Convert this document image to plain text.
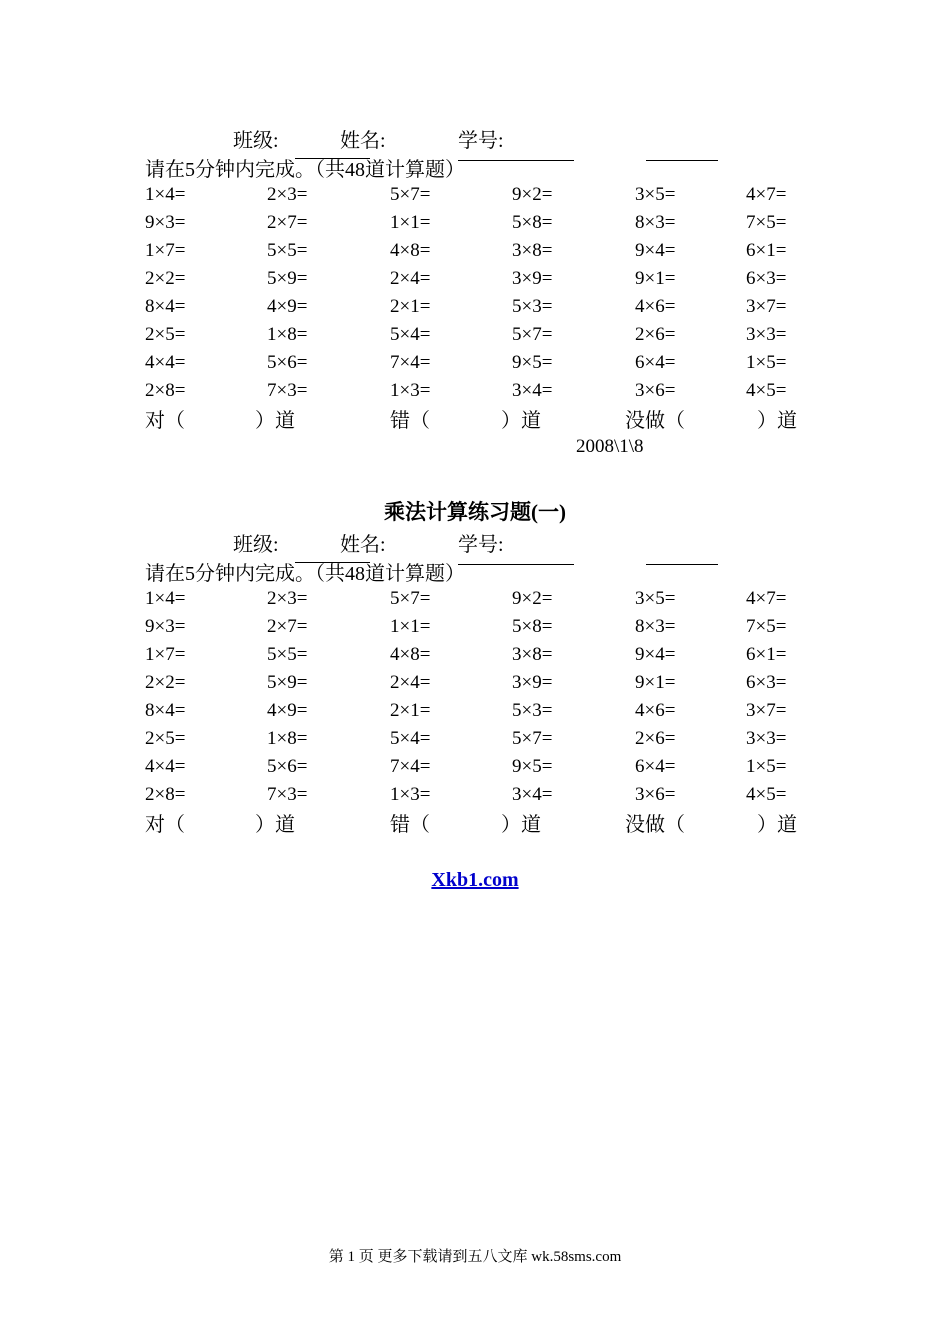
班级:	姓名:	学号:
请在5分钟内完成。（共48道计算题）
1×4=	2×3=	5×7=	9×2=	3×5=	4×7=
9×3=	2×7=	1×1=	5×8=	8×3=	7×5=
1×7=	5×5=	4×8=	3×8=	9×4=	6×1=
2×2=	5×9=	2×4=	3×9=	9×1=	6×3=
8×4=	4×9=	2×1=	5×3=	4×6=	3×7=
2×5=	1×8=	5×4=	5×7=	2×6=	3×3=
4×4=	5×6=	7×4=	9×5=	6×4=	1×5=
2×8=	7×3=	1×3=	3×4=	3×6=	4×5=
对（	）道	错（	）道	没做（	）道
2008\1\8
乘法计算练习题(一)
班级:	姓名:	学号:
请在5分钟内完成。（共48道计算题）
1×4=	2×3=	5×7=	9×2=	3×5=	4×7=
9×3=	2×7=	1×1=	5×8=	8×3=	7×5=
1×7=	5×5=	4×8=	3×8=	9×4=	6×1=
2×2=	5×9=	2×4=	3×9=	9×1=	6×3=
8×4=	4×9=	2×1=	5×3=	4×6=	3×7=
2×5=	1×8=	5×4=	5×7=	2×6=	3×3=
4×4=	5×6=	7×4=	9×5=	6×4=	1×5=
2×8=	7×3=	1×3=	3×4=	3×6=	4×5=
对（	）道	错（	）道	没做（	）道
Xkb1.com
第 1 页 更多下载请到五八文库 wk.58sms.com
